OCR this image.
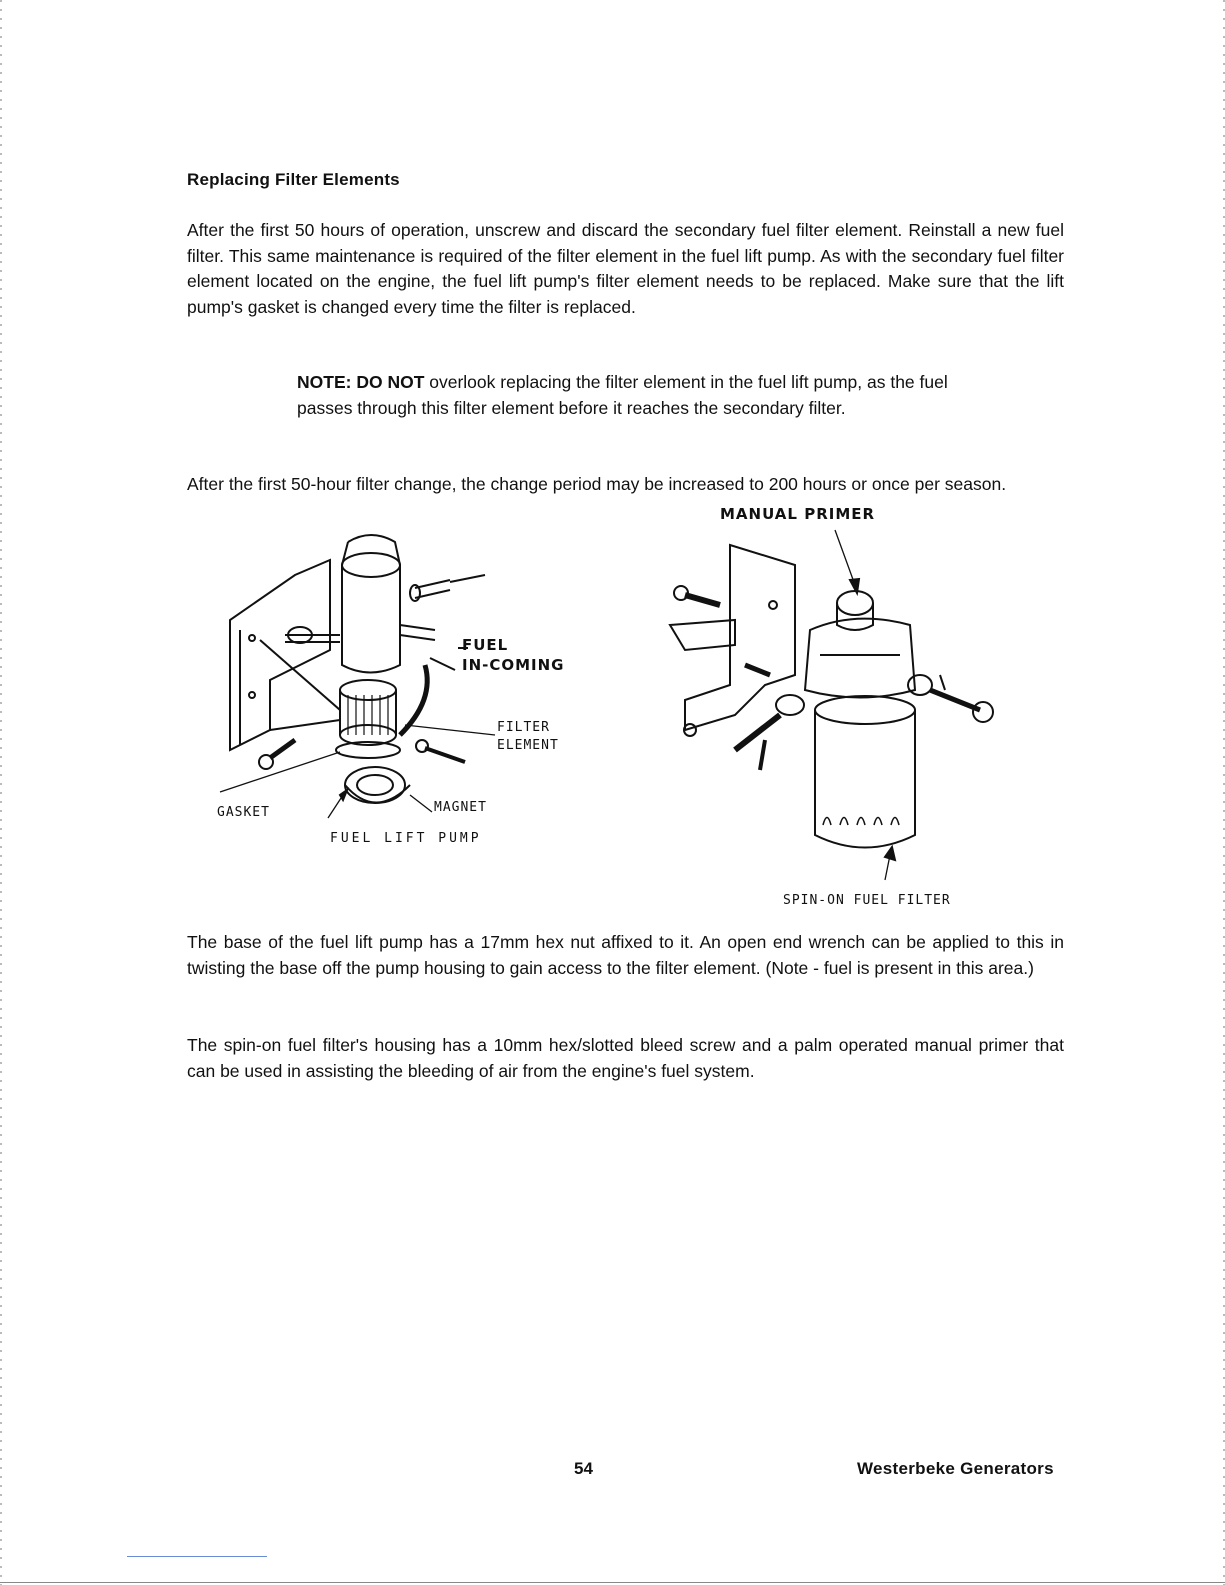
Replacing Filter Elements
After the first 50 hours of operation, unscrew and discard the secondary fuel filter element. Reinstall a new fuel filter. This same maintenance is required of the filter element in the fuel lift pump. As with the secondary fuel filter element located on the engine, the fuel lift pump's filter element needs to be replaced. Make sure that the lift pump's gasket is changed every time the filter is replaced.
NOTE: DO NOT overlook replacing the filter element in the fuel lift pump, as the fuel passes through this filter element before it reaches the secondary filter.
After the first 50-hour filter change, the change period may be increased to 200 hours or once per season.
FUEL
IN-COMING
FILTER
ELEMENT
GASKET	MAGNET
FUEL LIFT PUMP
MANUAL PRIMER
SPIN-ON FUEL FILTER
The base of the fuel lift pump has a 17mm hex nut affixed to it. An open end wrench can be applied to this in twisting the base off the pump housing to gain access to the filter element. (Note - fuel is present in this area.)
The spin-on fuel filter's housing has a 10mm hex/slotted bleed screw and a palm operated manual primer that can be used in assisting the bleeding of air from the engine's fuel system.
54	Westerbeke Generators
